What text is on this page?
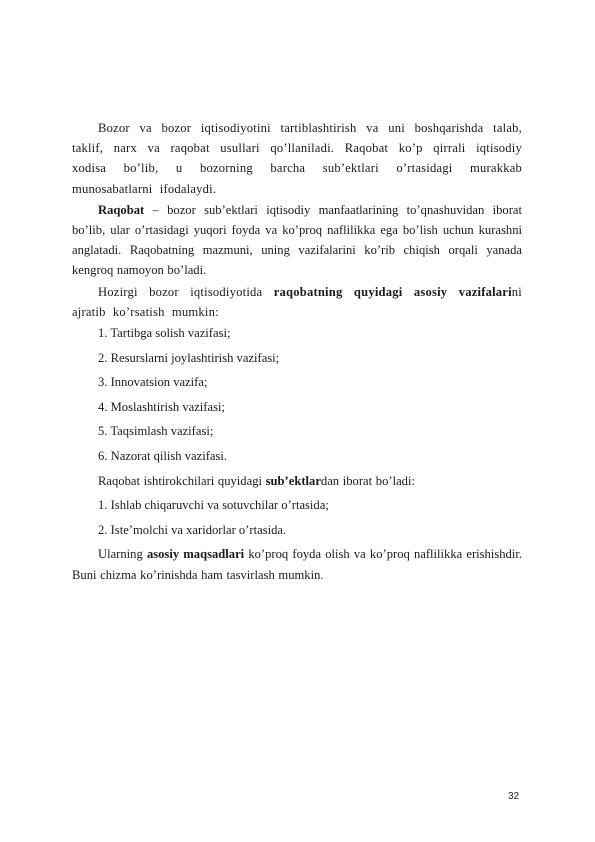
Bozor va bozor iqtisodiyotini tartiblashtirish va uni boshqarishda talab, taklif, narx va raqobat usullari qo’llaniladi. Raqobat ko’p qirrali iqtisodiy xodisa bo’lib, u bozorning barcha sub’ektlari o’rtasidagi murakkab munosabatlarni ifodalaydi.

Raqobat – bozor sub’ektlari iqtisodiy manfaatlarining to’qnashuvidan iborat bo’lib, ular o’rtasidagi yuqori foyda va ko’proq naflilikka ega bo’lish uchun kurashni anglatadi. Raqobatning mazmuni, uning vazifalarini ko’rib chiqish orqali yanada kengroq namoyon bo’ladi.

Hozirgi bozor iqtisodiyotida raqobatning quyidagi asosiy vazifalarini ajratib ko’rsatish mumkin:

1. Tartibga solish vazifasi;
2. Resurslarni joylashtirish vazifasi;
3. Innovatsion vazifa;
4. Moslashtirish vazifasi;
5. Taqsimlash vazifasi;
6. Nazorat qilish vazifasi.

Raqobat ishtirokchilari quyidagi sub’ektlardan iborat bo’ladi:

1. Ishlab chiqaruvchi va sotuvchilar o’rtasida;
2. Iste’molchi va xaridorlar o’rtasida.

Ularning asosiy maqsadlari ko’proq foyda olish va ko’proq naflilikka erishishdir. Buni chizma ko’rinishda ham tasvirlash mumkin.

32
